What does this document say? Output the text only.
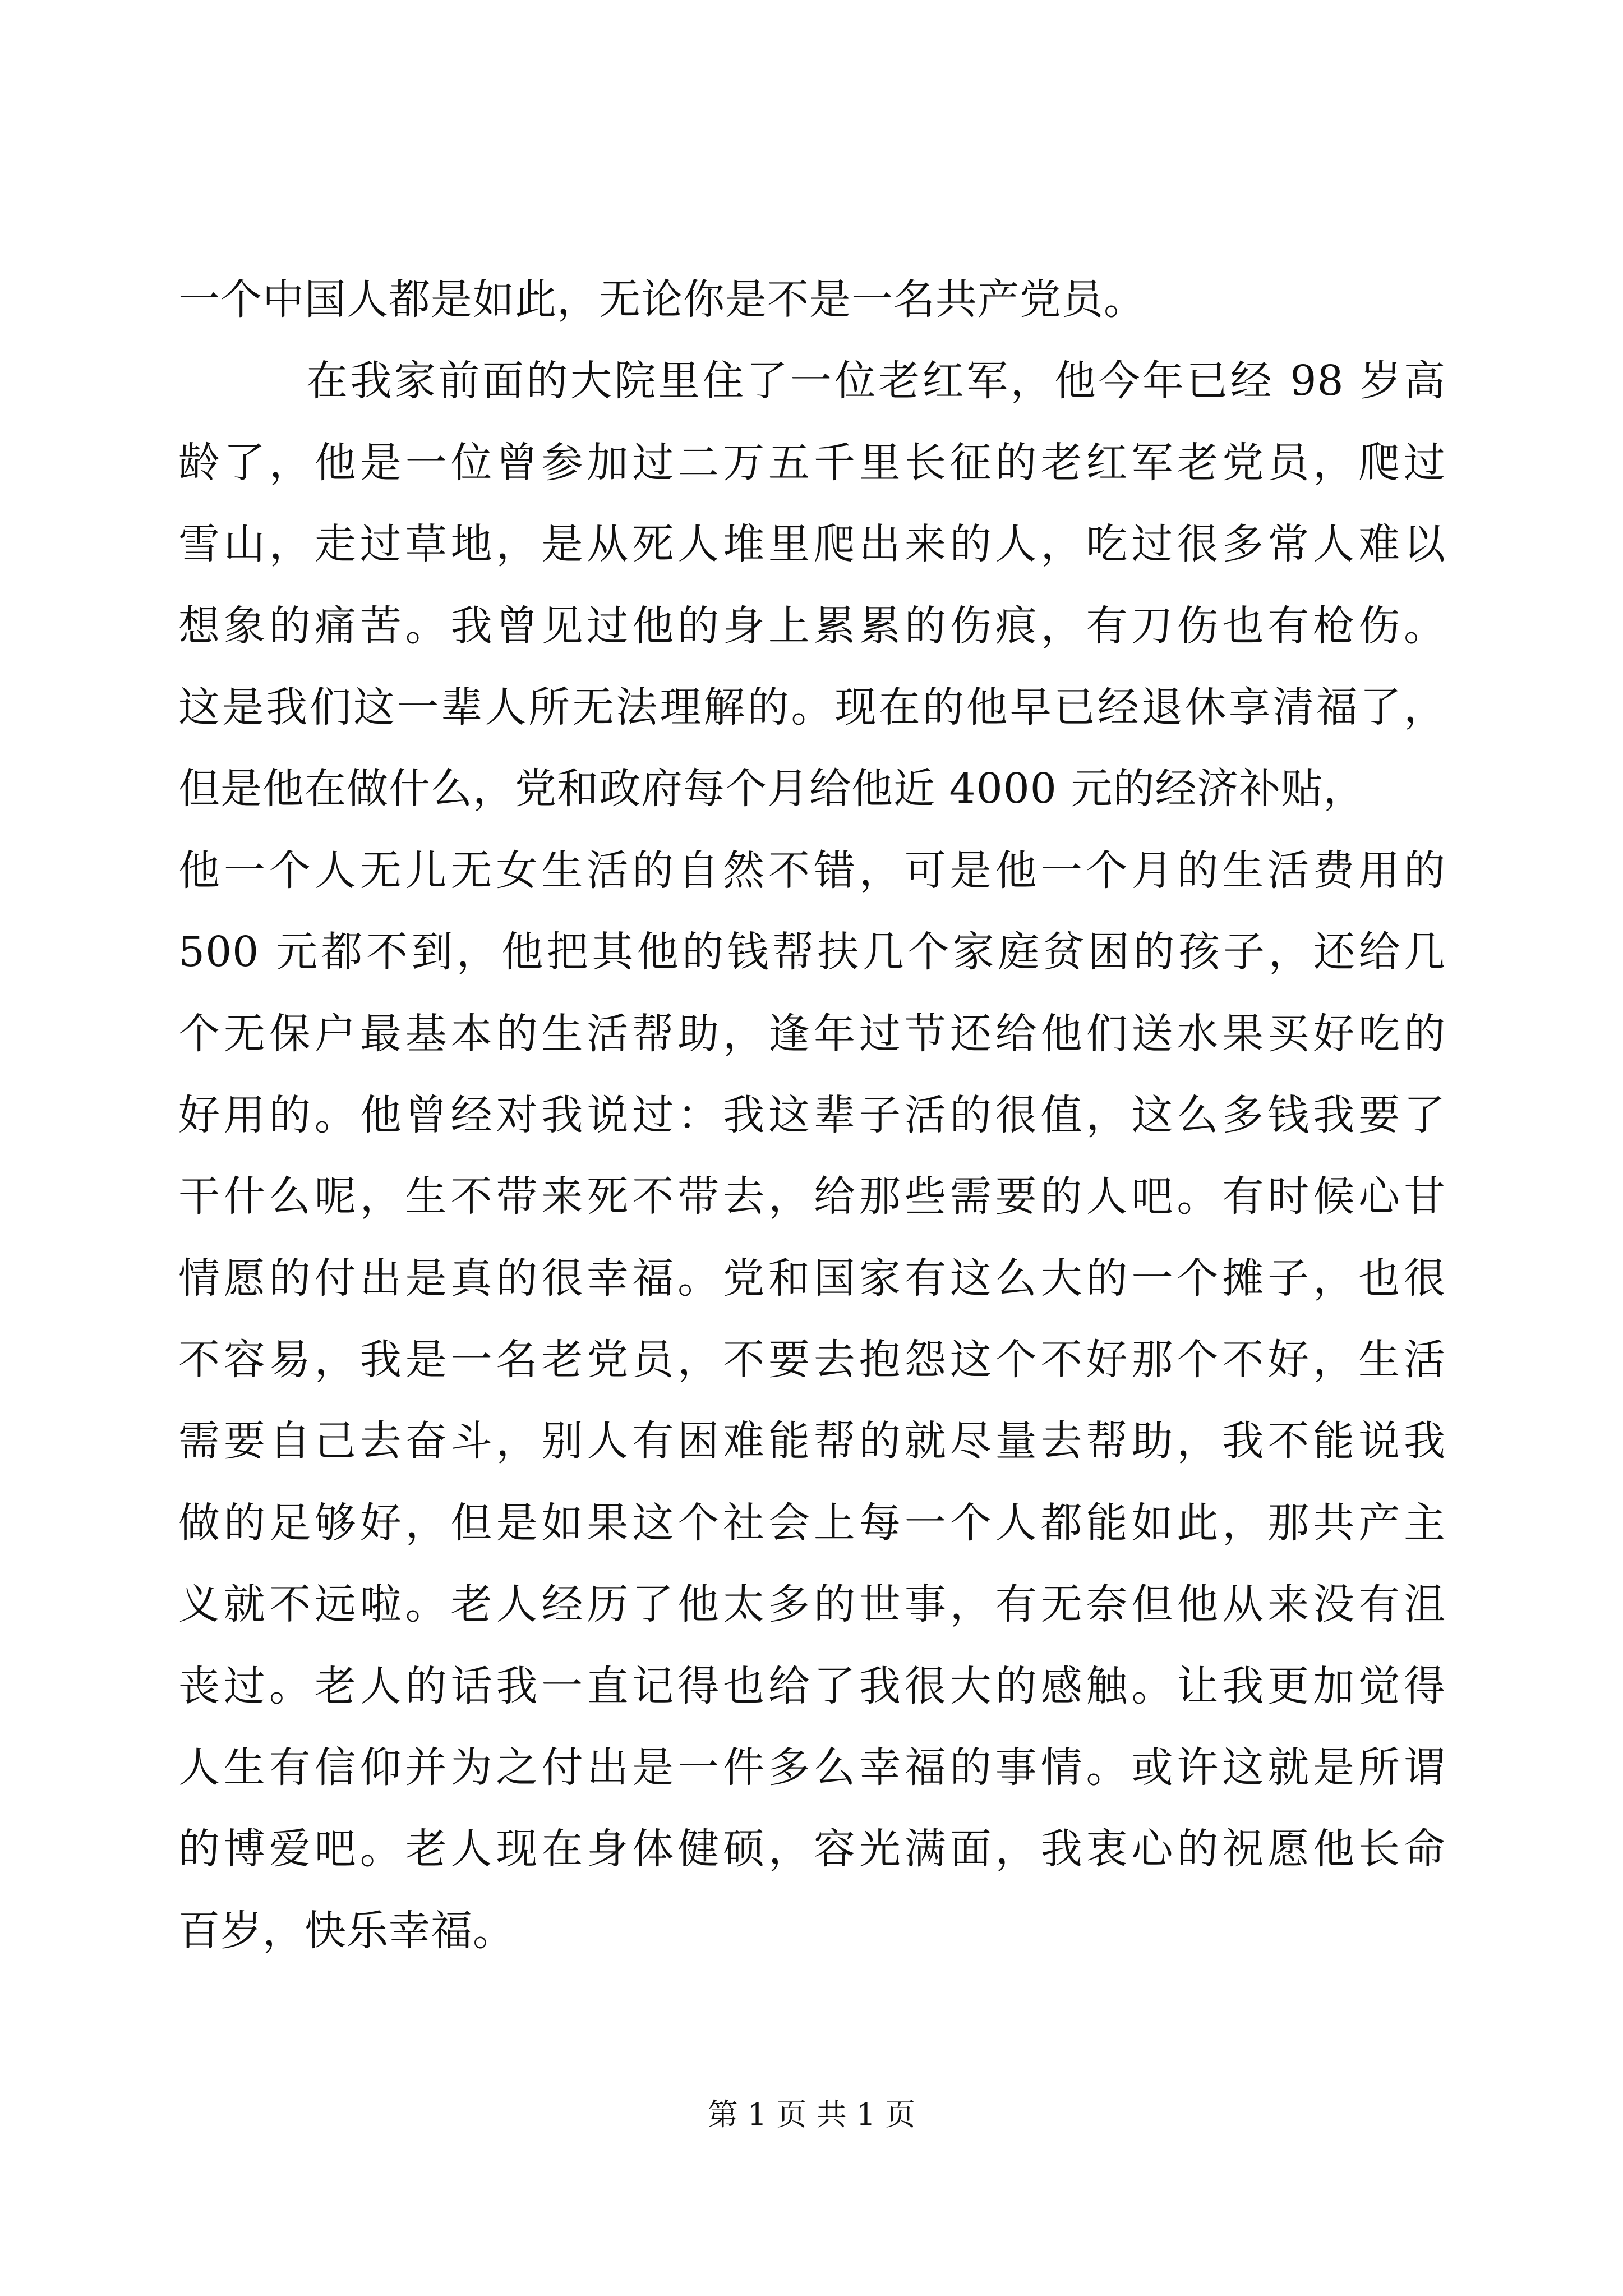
一个中国人都是如此，无论你是不是一名共产党员。
在我家前面的大院里住了一位老红军，他今年已经 98 岁高
龄了，他是一位曾参加过二万五千里长征的老红军老党员，爬过
雪山，走过草地，是从死人堆里爬出来的人，吃过很多常人难以
想象的痛苦。我曾见过他的身上累累的伤痕，有刀伤也有枪伤。
这是我们这一辈人所无法理解的。现在的他早已经退休享清福了，
但是他在做什么，党和政府每个月给他近 4000 元的经济补贴，
他一个人无儿无女生活的自然不错，可是他一个月的生活费用的
500 元都不到，他把其他的钱帮扶几个家庭贫困的孩子，还给几
个无保户最基本的生活帮助，逢年过节还给他们送水果买好吃的
好用的。他曾经对我说过：我这辈子活的很值，这么多钱我要了
干什么呢，生不带来死不带去，给那些需要的人吧。有时候心甘
情愿的付出是真的很幸福。党和国家有这么大的一个摊子，也很
不容易，我是一名老党员，不要去抱怨这个不好那个不好，生活
需要自己去奋斗，别人有困难能帮的就尽量去帮助，我不能说我
做的足够好，但是如果这个社会上每一个人都能如此，那共产主
义就不远啦。老人经历了他太多的世事，有无奈但他从来没有沮
丧过。老人的话我一直记得也给了我很大的感触。让我更加觉得
人生有信仰并为之付出是一件多么幸福的事情。或许这就是所谓
的博爱吧。老人现在身体健硕，容光满面，我衷心的祝愿他长命
百岁，快乐幸福。
第 1 页 共 1 页
